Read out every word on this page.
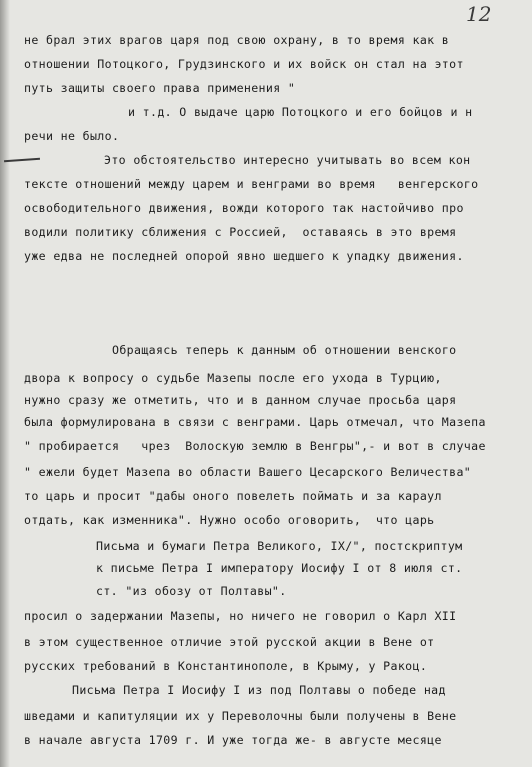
12
не брал этих врагов царя под свою охрану, в то время как в
отношении Потоцкого, Грудзинского и их войск он стал на этот
путь защиты своего права применения "
и т.д. О выдаче царю Потоцкого и его бойцов и н
речи не было.
Это обстоятельство интересно учитывать во всем кон
тексте отношений между царем и венграми во время   венгерского
освободительного движения, вожди которого так настойчиво про
водили политику сближения с Россией,  оставаясь в это время
уже едва не последней опорой явно шедшего к упадку движения.
Обращаясь теперь к данным об отношении венского
двора к вопросу о судьбе Мазепы после его ухода в Турцию,
нужно сразу же отметить, что и в данном случае просьба царя
была формулирована в связи с венграми. Царь отмечал, что Мазепа
" пробирается   чрез  Волоскую землю в Венгры",- и вот в случае
" ежели будет Мазепа во области Вашего Цесарского Величества"
то царь и просит "дабы оного повелеть поймать и за караул
отдать, как изменника". Нужно особо оговорить,  что царь
Письма и бумаги Петра Великого, IX/", постскриптум
к письме Петра I императору Иосифу I от 8 июля ст.
ст. "из обозу от Полтавы".
просил о задержании Мазепы, но ничего не говорил о Карл XII
в этом существенное отличие этой русской акции в Вене от
русских требований в Константинополе, в Крыму, у Ракоц.
Письма Петра I Иосифу I из под Полтавы о победе над
шведами и капитуляции их у Переволочны были получены в Вене
в начале августа 1709 г. И уже тогда же- в августе месяце
